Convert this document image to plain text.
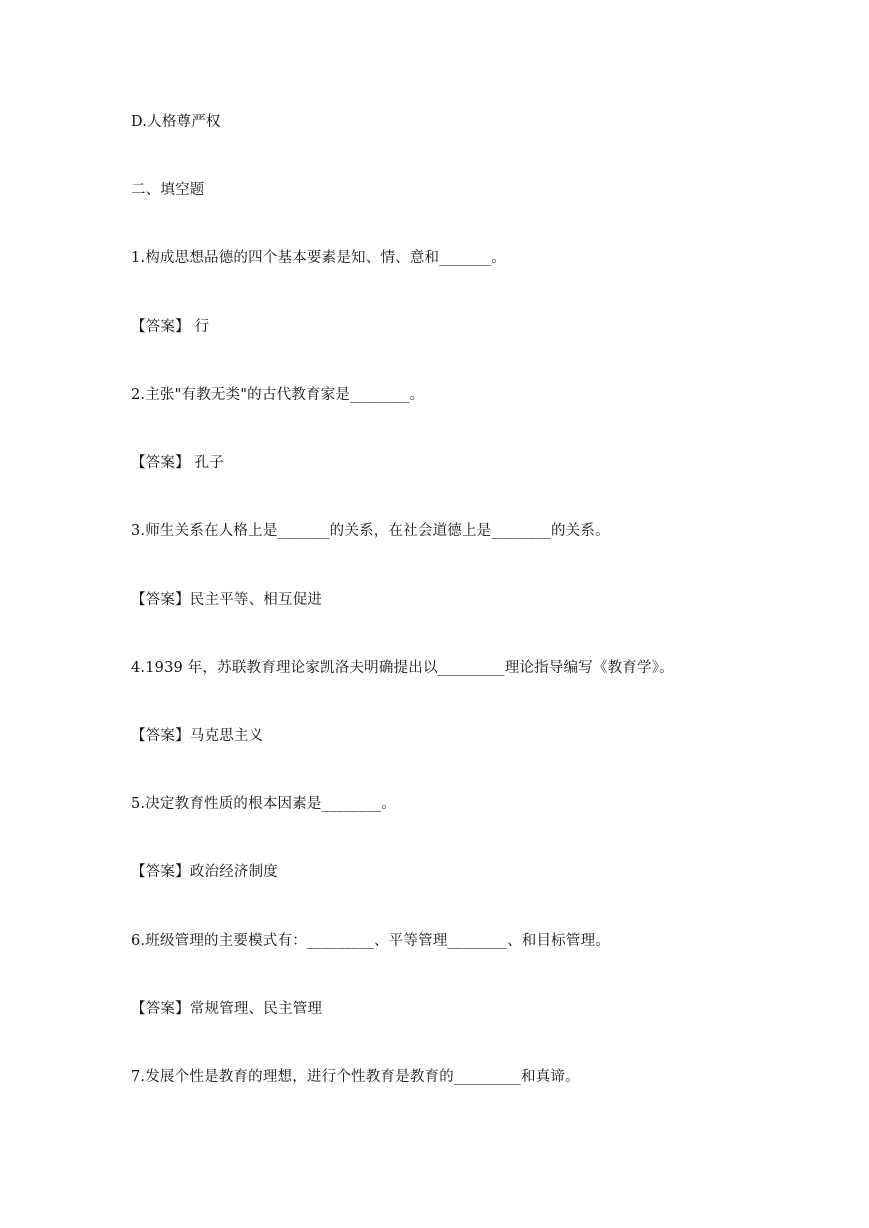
D.人格尊严权
二、填空题
1.构成思想品德的四个基本要素是知、情、意和_______。
【答案】 行
2.主张"有教无类"的古代教育家是________。
【答案】 孔子
3.师生关系在人格上是_______的关系，在社会道德上是________的关系。
【答案】民主平等、相互促进
4.1939 年，苏联教育理论家凯洛夫明确提出以_________理论指导编写《教育学》。
【答案】马克思主义
5.决定教育性质的根本因素是________。
【答案】政治经济制度
6.班级管理的主要模式有：_________、平等管理________、和目标管理。
【答案】常规管理、民主管理
7.发展个性是教育的理想，进行个性教育是教育的_________和真谛。
